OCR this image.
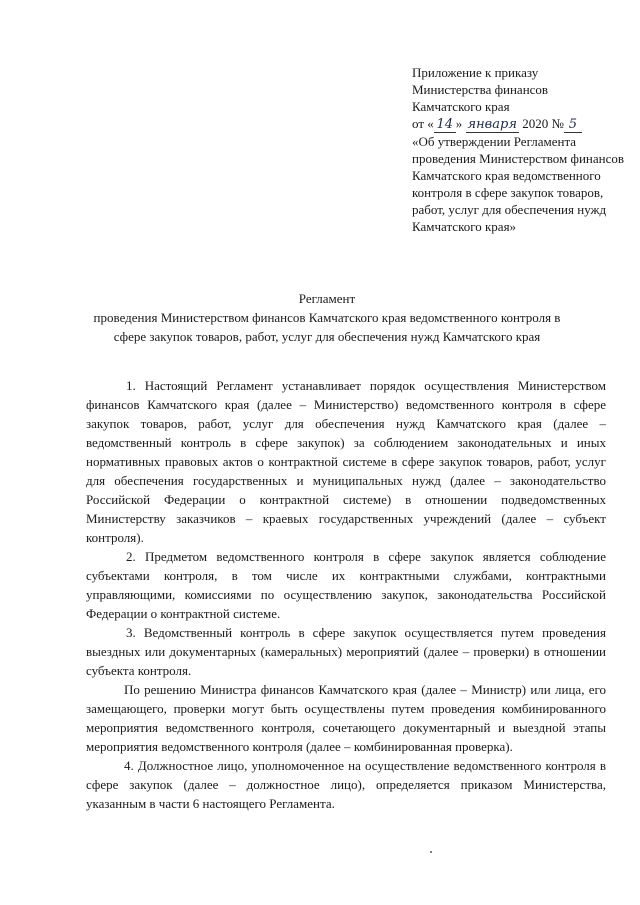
Приложение к приказу
Министерства финансов
Камчатского края
от « 14 » января 2020 № 5
«Об утверждении Регламента проведения Министерством финансов Камчатского края ведомственного контроля в сфере закупок товаров, работ, услуг для обеспечения нужд Камчатского края»
Регламент
проведения Министерством финансов Камчатского края ведомственного контроля в сфере закупок товаров, работ, услуг для обеспечения нужд Камчатского края

1. Настоящий Регламент устанавливает порядок осуществления Министерством финансов Камчатского края (далее – Министерство) ведомственного контроля в сфере закупок товаров, работ, услуг для обеспечения нужд Камчатского края (далее – ведомственный контроль в сфере закупок) за соблюдением законодательных и иных нормативных правовых актов о контрактной системе в сфере закупок товаров, работ, услуг для обеспечения государственных и муниципальных нужд (далее – законодательство Российской Федерации о контрактной системе) в отношении подведомственных Министерству заказчиков – краевых государственных учреждений (далее – субъект контроля).

2. Предметом ведомственного контроля в сфере закупок является соблюдение субъектами контроля, в том числе их контрактными службами, контрактными управляющими, комиссиями по осуществлению закупок, законодательства Российской Федерации о контрактной системе.

3. Ведомственный контроль в сфере закупок осуществляется путем проведения выездных или документарных (камеральных) мероприятий (далее – проверки) в отношении субъекта контроля.

По решению Министра финансов Камчатского края (далее – Министр) или лица, его замещающего, проверки могут быть осуществлены путем проведения комбинированного мероприятия ведомственного контроля, сочетающего документарный и выездной этапы мероприятия ведомственного контроля (далее – комбинированная проверка).

4. Должностное лицо, уполномоченное на осуществление ведомственного контроля в сфере закупок (далее – должностное лицо), определяется приказом Министерства, указанным в части 6 настоящего Регламента.
